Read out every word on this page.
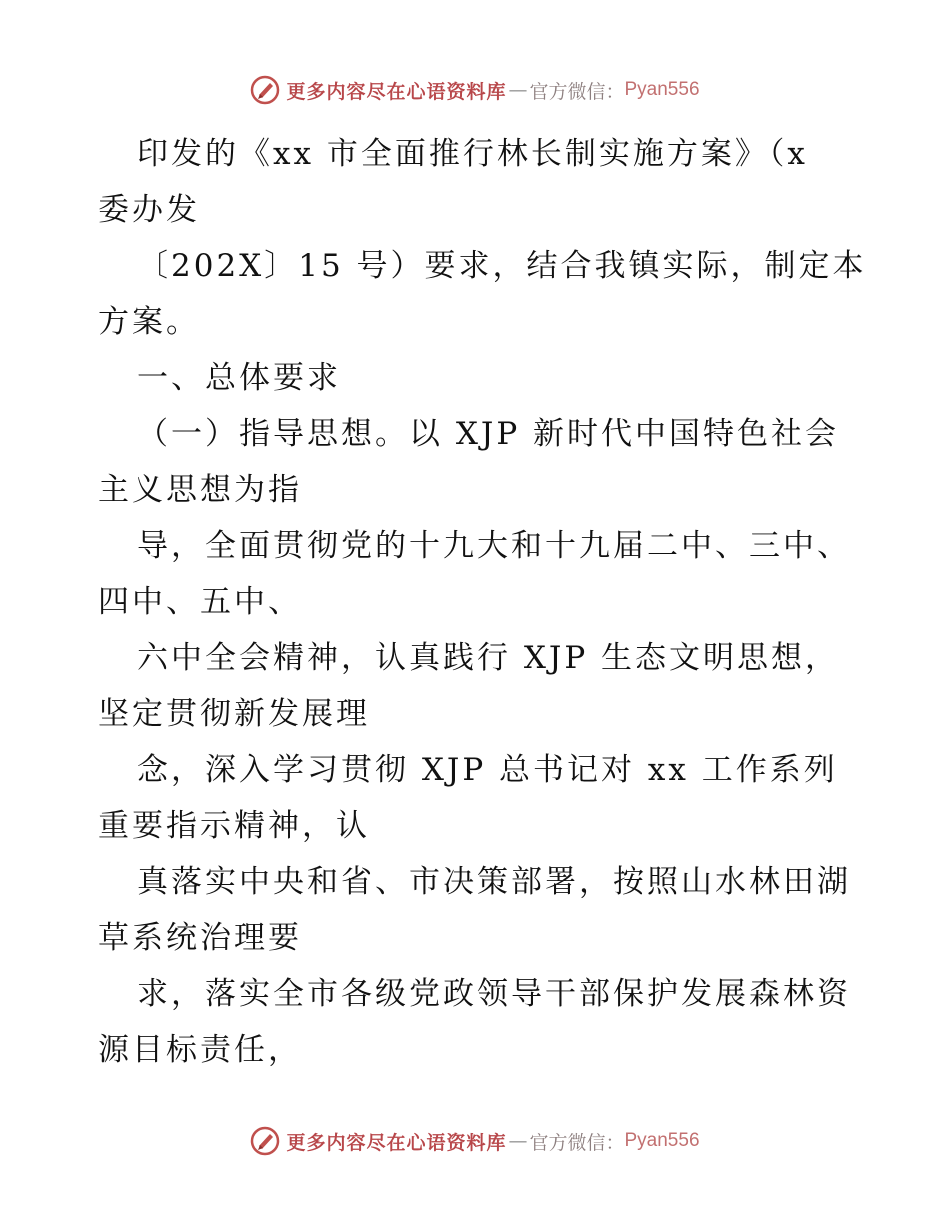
更多内容尽在心语资料库 — 官方微信： Pyan556
印发的《xx 市全面推行林长制实施方案》（x
委办发
〔202X〕15 号）要求，结合我镇实际，制定本
方案。
一、总体要求
（一）指导思想。以 XJP 新时代中国特色社会
主义思想为指
导，全面贯彻党的十九大和十九届二中、三中、
四中、五中、
六中全会精神，认真践行 XJP 生态文明思想，
坚定贯彻新发展理
念，深入学习贯彻 XJP 总书记对 xx 工作系列
重要指示精神，认
真落实中央和省、市决策部署，按照山水林田湖
草系统治理要
求，落实全市各级党政领导干部保护发展森林资
源目标责任，
更多内容尽在心语资料库 — 官方微信： Pyan556
